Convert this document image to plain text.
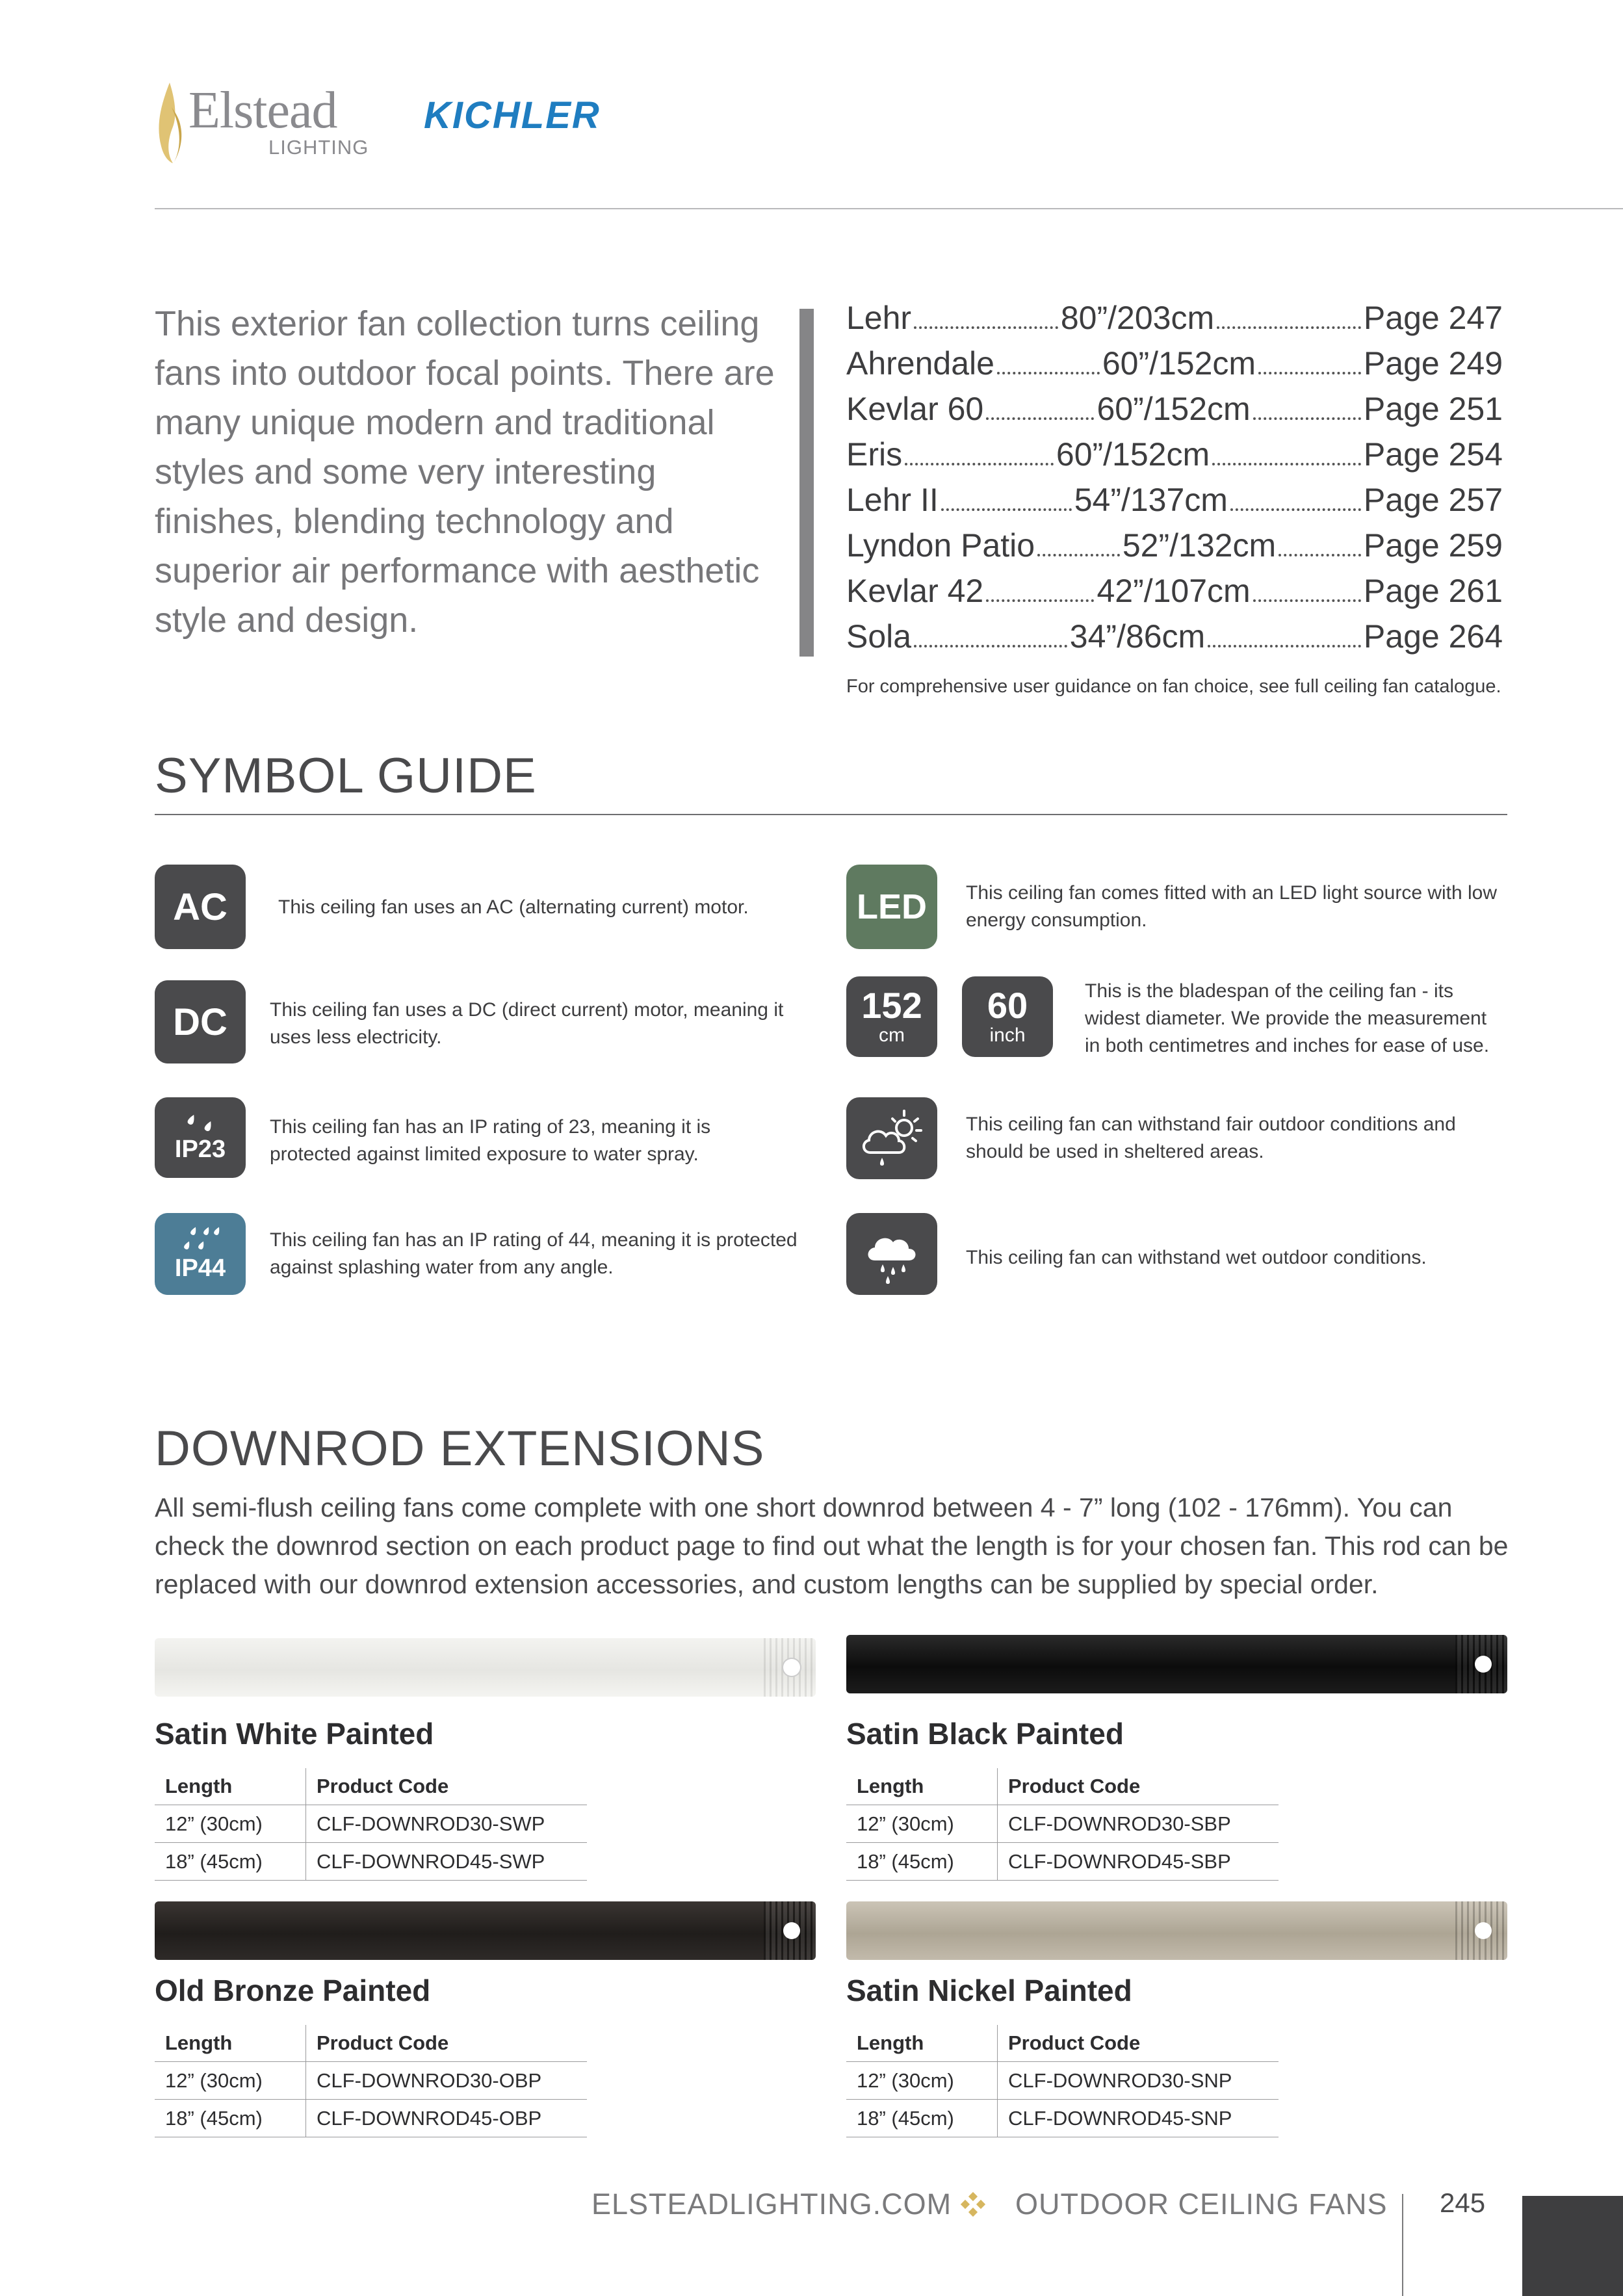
Elstead
LIGHTING
KICHLER
This exterior fan collection turns ceiling fans into outdoor focal points. There are many unique modern and traditional styles and some very interesting finishes, blending technology and superior air performance with aesthetic style and design.
Lehr	80”/203cm	Page 247
Ahrendale	60”/152cm	Page 249
Kevlar 60	60”/152cm	Page 251
Eris	60”/152cm	Page 254
Lehr II	54”/137cm	Page 257
Lyndon Patio	52”/132cm	Page 259
Kevlar 42	42”/107cm	Page 261
Sola	34”/86cm	Page 264
For comprehensive user guidance on fan choice, see full ceiling fan catalogue.
SYMBOL GUIDE
AC	This ceiling fan uses an AC (alternating current) motor.
DC This ceiling fan uses a DC (direct current) motor, meaning it uses less electricity.
IP23
This ceiling fan has an IP rating of 23, meaning it is protected against limited exposure to water spray.
IP44
This ceiling fan has an IP rating of 44, meaning it is protected against splashing water from any angle.
LED This ceiling fan comes fitted with an LED light source with low energy consumption.
152
cm
60
inch
This is the bladespan of the ceiling fan - its widest diameter. We provide the measurement in both centimetres and inches for ease of use.
This ceiling fan can withstand fair outdoor conditions and should be used in sheltered areas.
This ceiling fan can withstand wet outdoor conditions.
DOWNROD EXTENSIONS
All semi-flush ceiling fans come complete with one short downrod between 4 - 7” long (102 - 176mm). You can check the downrod section on each product page to find out what the length is for your chosen fan. This rod can be replaced with our downrod extension accessories, and custom lengths can be supplied by special order.
Satin White Painted
Length	Product Code
12” (30cm)	CLF-DOWNROD30-SWP
18” (45cm)	CLF-DOWNROD45-SWP
Satin Black Painted
Length	Product Code
12” (30cm)	CLF-DOWNROD30-SBP
18” (45cm)	CLF-DOWNROD45-SBP
Old Bronze Painted
Length	Product Code
12” (30cm)	CLF-DOWNROD30-OBP
18” (45cm)	CLF-DOWNROD45-OBP
Satin Nickel Painted
Length	Product Code
12” (30cm)	CLF-DOWNROD30-SNP
18” (45cm)	CLF-DOWNROD45-SNP
ELSTEADLIGHTING.COM OUTDOOR CEILING FANS 245
